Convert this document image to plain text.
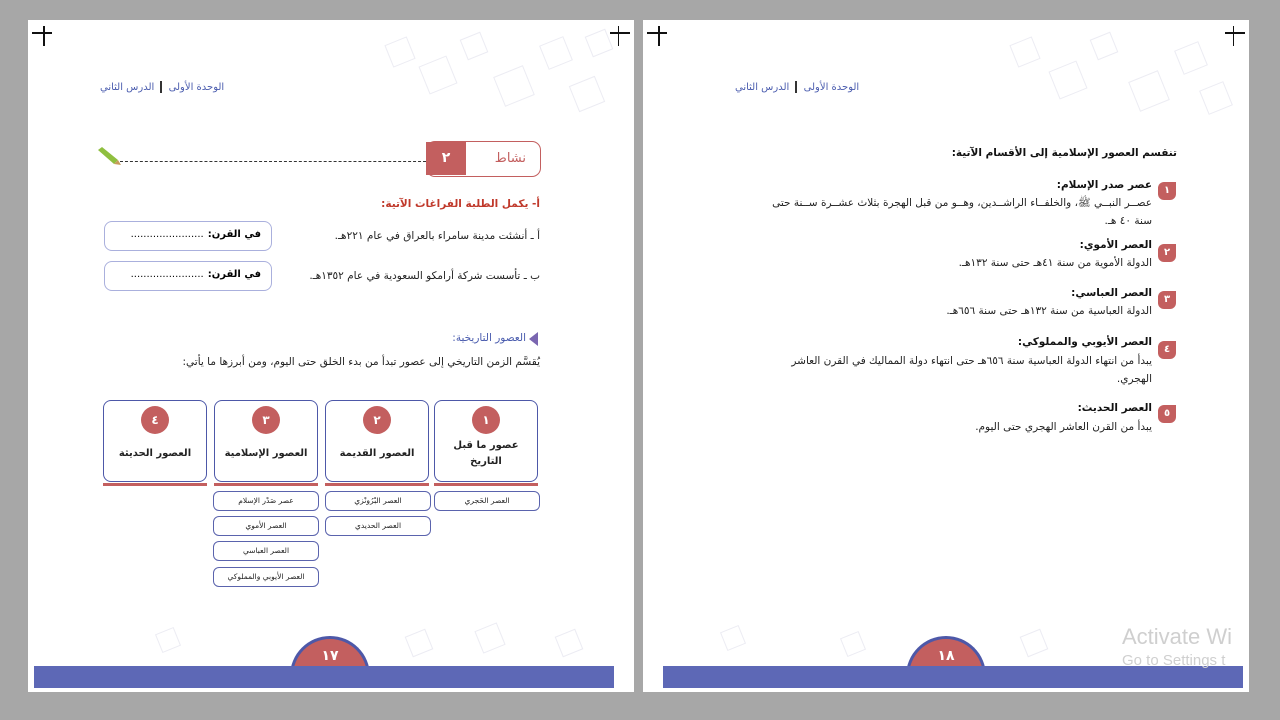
الوحدة الأولى  الدرس الثاني
نشاط
٢
أ- يكمل الطلبة الفراغات الآتية:
أ ـ أنشئت مدينة سامراء بالعراق في عام ٢٢١هـ.
في القرن:.......................
ب ـ تأسست شركة أرامكو السعودية في عام ١٣٥٢هـ.
في القرن:.......................
العصور التاريخية:
يُقسَّم الزمن التاريخي إلى عصور تبدأ من بدء الخلق حتى اليوم، ومن أبرزها ما يأتي:
١
عصور ما قبل التاريخ
٢
العصور القديمة
٣
العصور الإسلامية
٤
العصور الحديثة
العصر الحَجري
العصر البْرُونْزي
العصر الحديدي
عصر صَدْر الإسلام
العصر الأموي
العصر العباسي
العصر الأيوبي والمملوكي
١٧
الوحدة الأولى  الدرس الثاني
تنقسم العصور الإسلامية إلى الأقسام الآتية:
١
عصر صدر الإسلام:
عصــر النبــي ﷺ، والخلفــاء الراشــدين، وهــو من قبل الهجرة بثلاث عشــرة ســنة حتى
سنة ٤٠ هـ.
٢
العصر الأموي:
الدولة الأموية من سنة ٤١هـ حتى سنة ١٣٢هـ.
٣
العصر العباسي:
الدولة العباسية من سنة ١٣٢هـ حتى سنة ٦٥٦هـ.
٤
العصر الأيوبي والمملوكي:
يبدأ من انتهاء الدولة العباسية سنة ٦٥٦هـ حتى انتهاء دولة المماليك في القرن العاشر
الهجري.
٥
العصر الحديث:
يبدأ من القرن العاشر الهجري حتى اليوم.
١٨
Activate Wi
Go to Settings t
